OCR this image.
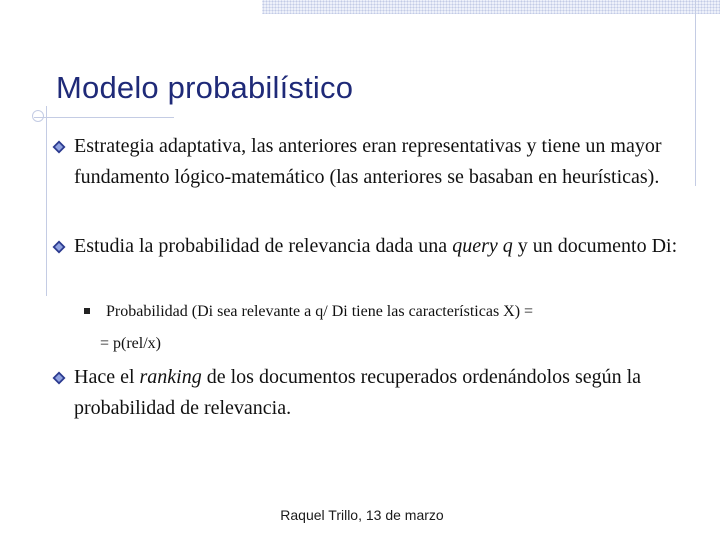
Modelo probabilístico
Estrategia adaptativa, las anteriores eran representativas y tiene un mayor fundamento lógico-matemático (las anteriores se basaban en heurísticas).
Estudia la probabilidad de relevancia dada una query q y un documento Di:
Probabilidad (Di sea relevante a q/ Di tiene las características X) =
= p(rel/x)
Hace el ranking de los documentos recuperados ordenándolos según la probabilidad de relevancia.
Raquel Trillo, 13 de marzo
